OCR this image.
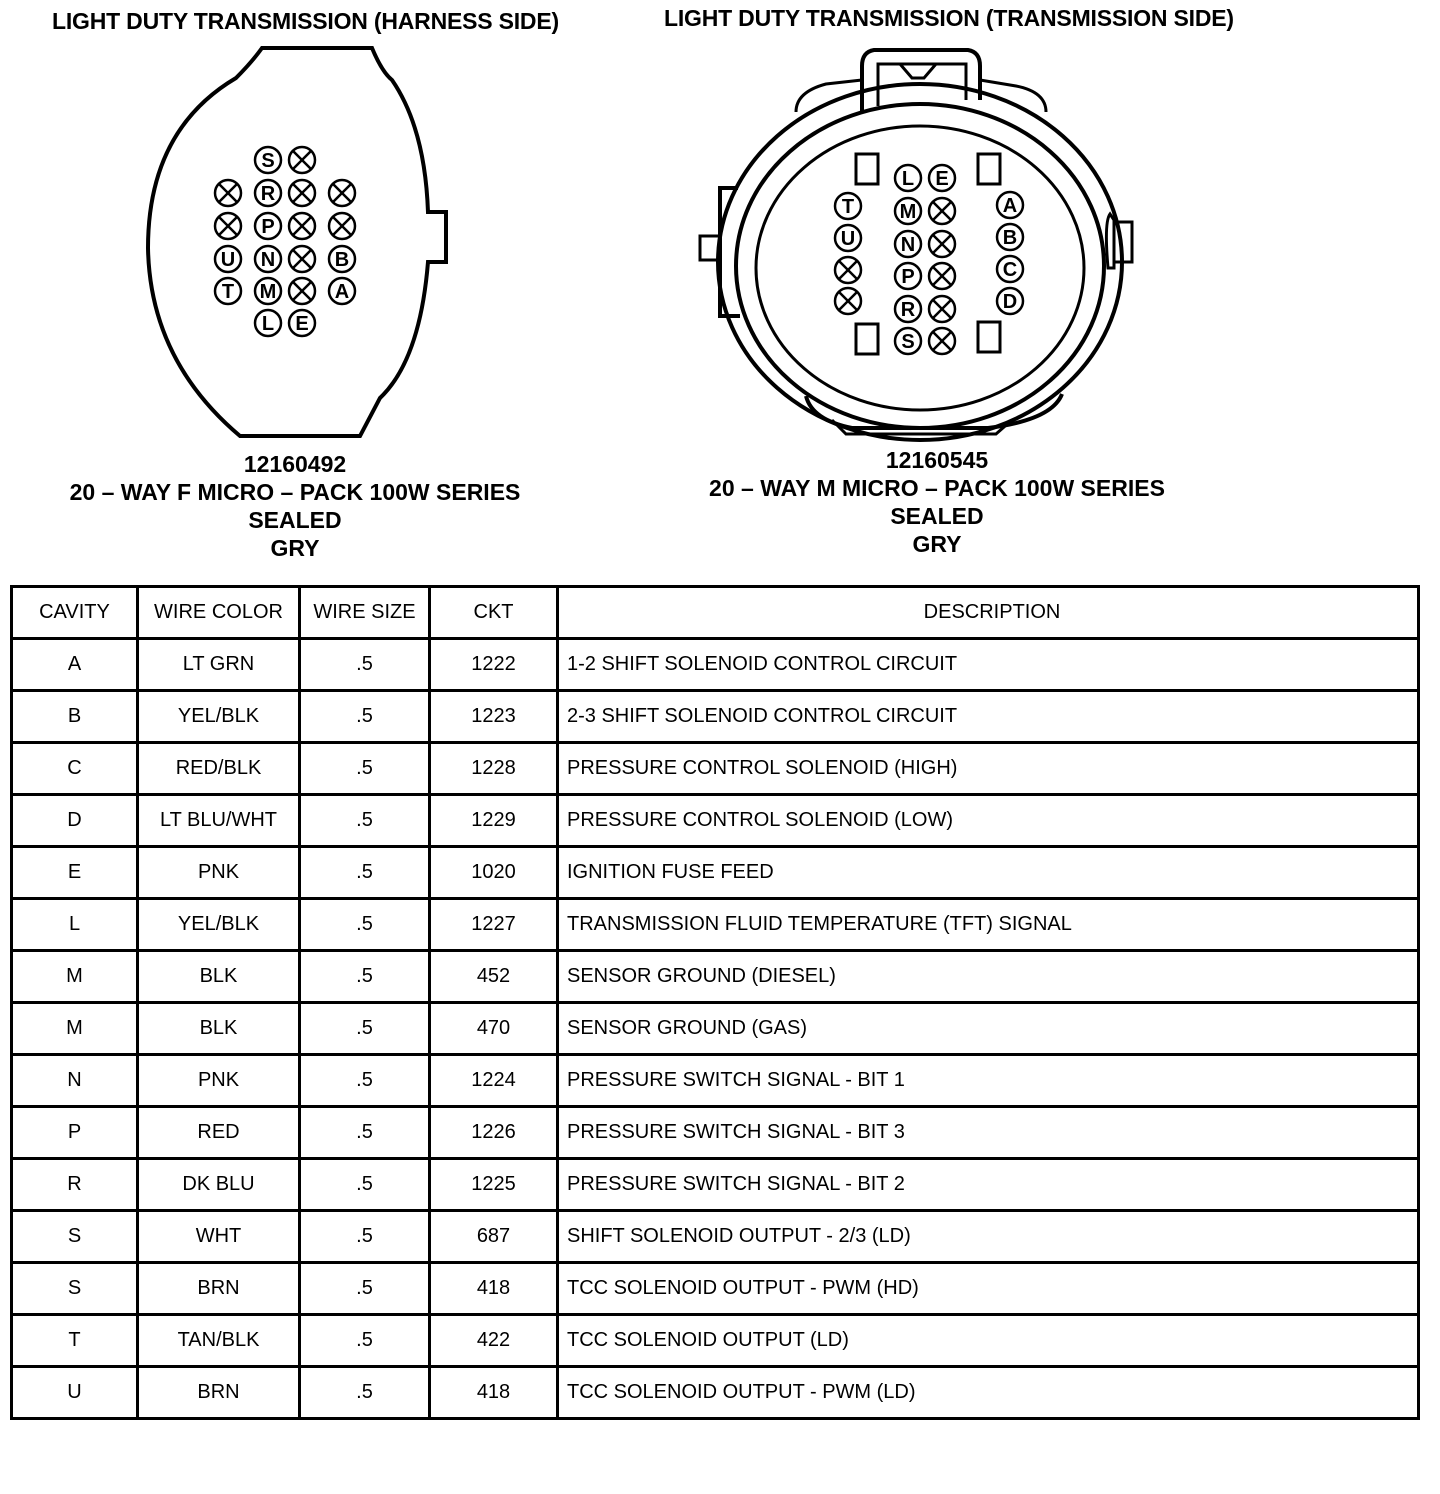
LIGHT DUTY TRANSMISSION (HARNESS SIDE)	LIGHT DUTY TRANSMISSION (TRANSMISSION SIDE)
S
R
P
U N	B
T M	A
L E
L E
M
N
P
R
S
T
U
A
B
C
D
12160492
20 – WAY F MICRO – PACK 100W SERIES
SEALED
GRY
12160545
20 – WAY M MICRO – PACK 100W SERIES
SEALED
GRY
CAVITY	WIRE COLOR	WIRE SIZE	CKT	DESCRIPTION
A	LT GRN	.5	1222	1-2 SHIFT SOLENOID CONTROL CIRCUIT
B	YEL/BLK	.5	1223	2-3 SHIFT SOLENOID CONTROL CIRCUIT
C	RED/BLK	.5	1228	PRESSURE CONTROL SOLENOID (HIGH)
D	LT BLU/WHT	.5	1229	PRESSURE CONTROL SOLENOID (LOW)
E	PNK	.5	1020	IGNITION FUSE FEED
L	YEL/BLK	.5	1227	TRANSMISSION FLUID TEMPERATURE (TFT) SIGNAL
M	BLK	.5	452	SENSOR GROUND (DIESEL)
M	BLK	.5	470	SENSOR GROUND (GAS)
N	PNK	.5	1224	PRESSURE SWITCH SIGNAL - BIT 1
P	RED	.5	1226	PRESSURE SWITCH SIGNAL - BIT 3
R	DK BLU	.5	1225	PRESSURE SWITCH SIGNAL - BIT 2
S	WHT	.5	687	SHIFT SOLENOID OUTPUT - 2/3 (LD)
S	BRN	.5	418	TCC SOLENOID OUTPUT - PWM (HD)
T	TAN/BLK	.5	422	TCC SOLENOID OUTPUT (LD)
U	BRN	.5	418	TCC SOLENOID OUTPUT - PWM (LD)
